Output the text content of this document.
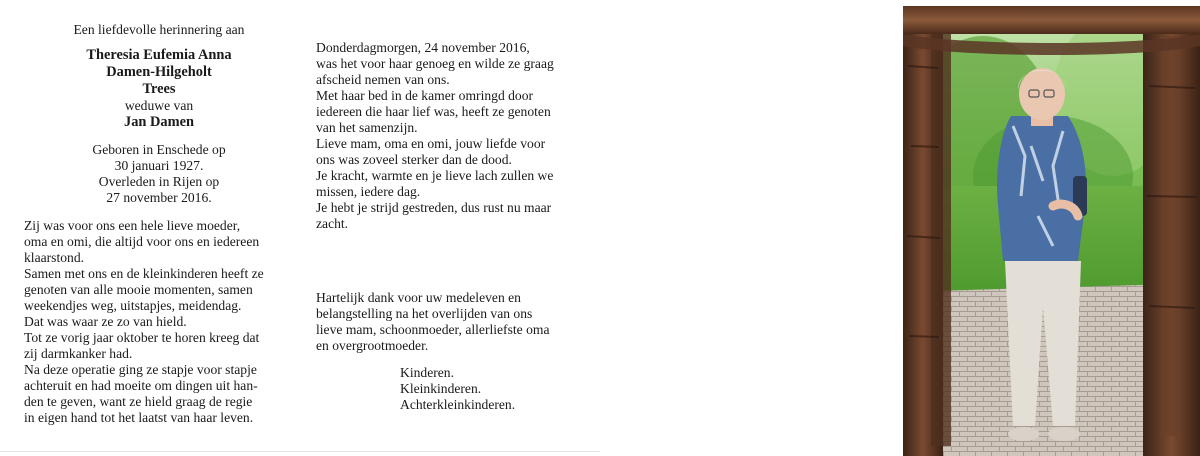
Een liefdevolle herinnering aan
Theresia Eufemia Anna
Damen-Hilgeholt
Trees
weduwe van
Jan Damen
Geboren in Enschede op
30 januari 1927.
Overleden in Rijen op
27 november 2016.
Zij was voor ons een hele lieve moeder,
oma en omi, die altijd voor ons en iedereen
klaarstond.
Samen met ons en de kleinkinderen heeft ze
genoten van alle mooie momenten, samen
weekendjes weg, uitstapjes, meidendag.
Dat was waar ze zo van hield.
Tot ze vorig jaar oktober te horen kreeg dat
zij darmkanker had.
Na deze operatie ging ze stapje voor stapje
achteruit en had moeite om dingen uit han-
den te geven, want ze hield graag de regie
in eigen hand tot het laatst van haar leven.
Donderdagmorgen, 24 november 2016,
was het voor haar genoeg en wilde ze graag
afscheid nemen van ons.
Met haar bed in de kamer omringd door
iedereen die haar lief was, heeft ze genoten
van het samenzijn.
Lieve mam, oma en omi, jouw liefde voor
ons was zoveel sterker dan de dood.
Je kracht, warmte en je lieve lach zullen we
missen, iedere dag.
Je hebt je strijd gestreden, dus rust nu maar
zacht.
Hartelijk dank voor uw medeleven en
belangstelling na het overlijden van ons
lieve mam, schoonmoeder, allerliefste oma
en overgrootmoeder.
Kinderen.
Kleinkinderen.
Achterkleinkinderen.
